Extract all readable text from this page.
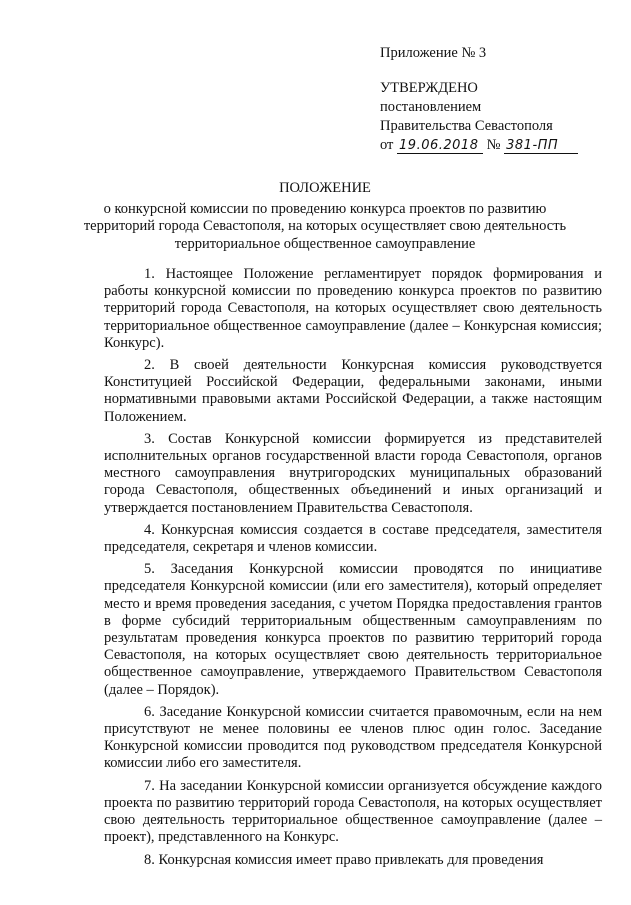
Приложение № 3
УТВЕРЖДЕНО
постановлением
Правительства Севастополя
от 19.06.2018 № 381-ПП
ПОЛОЖЕНИЕ
о конкурсной комиссии по проведению конкурса проектов по развитию
территорий города Севастополя, на которых осуществляет свою деятельность
территориальное общественное самоуправление

1. Настоящее Положение регламентирует порядок формирования и работы конкурсной комиссии по проведению конкурса проектов по развитию территорий города Севастополя, на которых осуществляет свою деятельность территориальное общественное самоуправление (далее – Конкурсная комиссия; Конкурс).

2. В своей деятельности Конкурсная комиссия руководствуется Конституцией Российской Федерации, федеральными законами, иными нормативными правовыми актами Российской Федерации, а также настоящим Положением.

3. Состав Конкурсной комиссии формируется из представителей исполнительных органов государственной власти города Севастополя, органов местного самоуправления внутригородских муниципальных образований города Севастополя, общественных объединений и иных организаций и утверждается постановлением Правительства Севастополя.

4. Конкурсная комиссия создается в составе председателя, заместителя председателя, секретаря и членов комиссии.

5. Заседания Конкурсной комиссии проводятся по инициативе председателя Конкурсной комиссии (или его заместителя), который определяет место и время проведения заседания, с учетом Порядка предоставления грантов в форме субсидий территориальным общественным самоуправлениям по результатам проведения конкурса проектов по развитию территорий города Севастополя, на которых осуществляет свою деятельность территориальное общественное самоуправление, утверждаемого Правительством Севастополя (далее – Порядок).

6. Заседание Конкурсной комиссии считается правомочным, если на нем присутствуют не менее половины ее членов плюс один голос. Заседание Конкурсной комиссии проводится под руководством председателя Конкурсной комиссии либо его заместителя.

7. На заседании Конкурсной комиссии организуется обсуждение каждого проекта по развитию территорий города Севастополя, на которых осуществляет свою деятельность территориальное общественное самоуправление (далее – проект), представленного на Конкурс.

8. Конкурсная комиссия имеет право привлекать для проведения
